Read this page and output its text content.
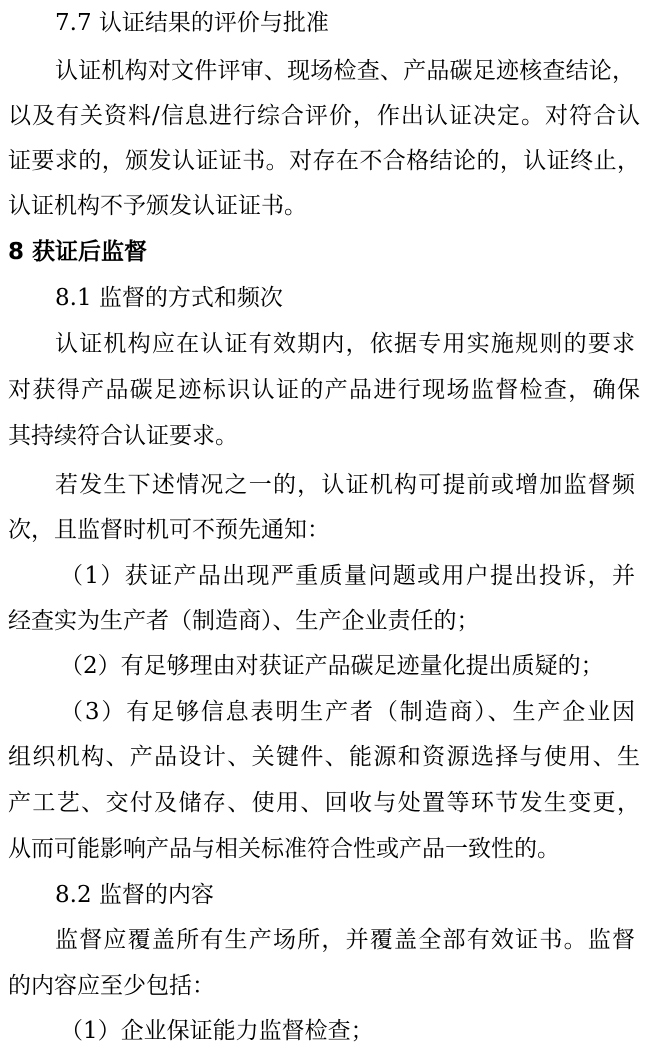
7.7 认证结果的评价与批准
认证机构对文件评审、现场检查、产品碳足迹核查结论，
以及有关资料/信息进行综合评价，作出认证决定。对符合认
证要求的，颁发认证证书。对存在不合格结论的，认证终止，
认证机构不予颁发认证证书。
8 获证后监督
8.1 监督的方式和频次
认证机构应在认证有效期内，依据专用实施规则的要求
对获得产品碳足迹标识认证的产品进行现场监督检查，确保
其持续符合认证要求。
若发生下述情况之一的，认证机构可提前或增加监督频
次，且监督时机可不预先通知：
（1）获证产品出现严重质量问题或用户提出投诉，并
经查实为生产者（制造商）、生产企业责任的；
（2）有足够理由对获证产品碳足迹量化提出质疑的；
（3）有足够信息表明生产者（制造商）、生产企业因
组织机构、产品设计、关键件、能源和资源选择与使用、生
产工艺、交付及储存、使用、回收与处置等环节发生变更，
从而可能影响产品与相关标准符合性或产品一致性的。
8.2 监督的内容
监督应覆盖所有生产场所，并覆盖全部有效证书。监督
的内容应至少包括：
（1）企业保证能力监督检查；
